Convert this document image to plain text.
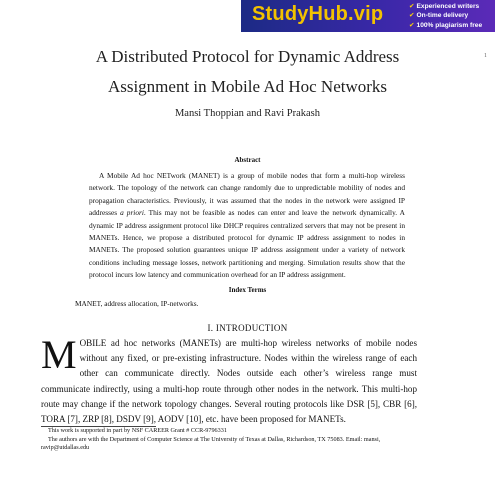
StudyHub.vip	✔ Experienced writers
✔ On-time delivery
✔ 100% plagiarism free
A Distributed Protocol for Dynamic Address
Assignment in Mobile Ad Hoc Networks
1
Mansi Thoppian and Ravi Prakash
Abstract
A Mobile Ad hoc NETwork (MANET) is a group of mobile nodes that form a multi-hop wireless network. The topology of the network can change randomly due to unpredictable mobility of nodes and propagation characteristics. Previously, it was assumed that the nodes in the network were assigned IP addresses a priori. This may not be feasible as nodes can enter and leave the network dynamically. A dynamic IP address assignment protocol like DHCP requires centralized servers that may not be present in MANETs. Hence, we propose a distributed protocol for dynamic IP address assignment to nodes in MANETs. The proposed solution guarantees unique IP address assignment under a variety of network conditions including message losses, network partitioning and merging. Simulation results show that the protocol incurs low latency and communication overhead for an IP address assignment.
Index Terms
MANET, address allocation, IP-networks.
I. INTRODUCTION
MOBILE ad hoc networks (MANETs) are multi-hop wireless networks of mobile nodes without any fixed, or pre-existing infrastructure. Nodes within the wireless range of each other can communicate directly. Nodes outside each other’s wireless range must communicate indirectly, using a multi-hop route through other nodes in the network. This multi-hop route may change if the network topology changes. Several routing protocols like DSR [5], CBR [6], TORA [7], ZRP [8], DSDV [9], AODV [10], etc. have been proposed for MANETs.
This work is supported in part by NSF CAREER Grant # CCR-9796331
The authors are with the Department of Computer Science at The University of Texas at Dallas, Richardson, TX 75083. Email: mansi, ravip@utdallas.edu
